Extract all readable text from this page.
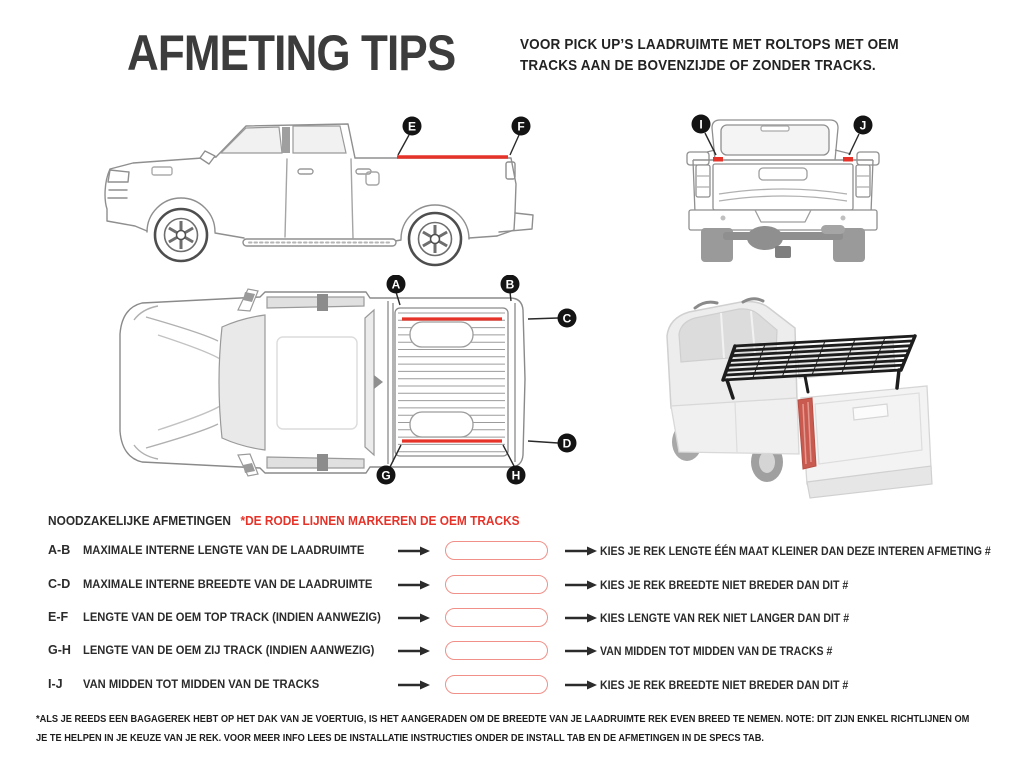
AFMETING TIPS	VOOR PICK UP’S LAADRUIMTE MET ROLTOPS MET OEM
TRACKS AAN DE BOVENZIJDE OF ZONDER TRACKS.
E	F	I	J
A	B
C
D
G	H
NOODZAKELIJKE AFMETINGEN *DE RODE LIJNEN MARKEREN DE OEM TRACKS
A-B MAXIMALE INTERNE LENGTE VAN DE LAADRUIMTE	KIES JE REK LENGTE ÉÉN MAAT KLEINER DAN DEZE INTEREN AFMETING #
C-D MAXIMALE INTERNE BREEDTE VAN DE LAADRUIMTE	KIES JE REK BREEDTE NIET BREDER DAN DIT #
E-F LENGTE VAN DE OEM TOP TRACK (INDIEN AANWEZIG)	KIES LENGTE VAN REK NIET LANGER DAN DIT #
G-H LENGTE VAN DE OEM ZIJ TRACK (INDIEN AANWEZIG)	VAN MIDDEN TOT MIDDEN VAN DE TRACKS #
I-J VAN MIDDEN TOT MIDDEN VAN DE TRACKS	KIES JE REK BREEDTE NIET BREDER DAN DIT #
*ALS JE REEDS EEN BAGAGEREK HEBT OP HET DAK VAN JE VOERTUIG, IS HET AANGERADEN OM DE BREEDTE VAN JE LAADRUIMTE REK EVEN BREED TE NEMEN. NOTE: DIT ZIJN ENKEL RICHTLIJNEN OM
JE TE HELPEN IN JE KEUZE VAN JE REK. VOOR MEER INFO LEES DE INSTALLATIE INSTRUCTIES ONDER DE INSTALL TAB EN DE AFMETINGEN IN DE SPECS TAB.
